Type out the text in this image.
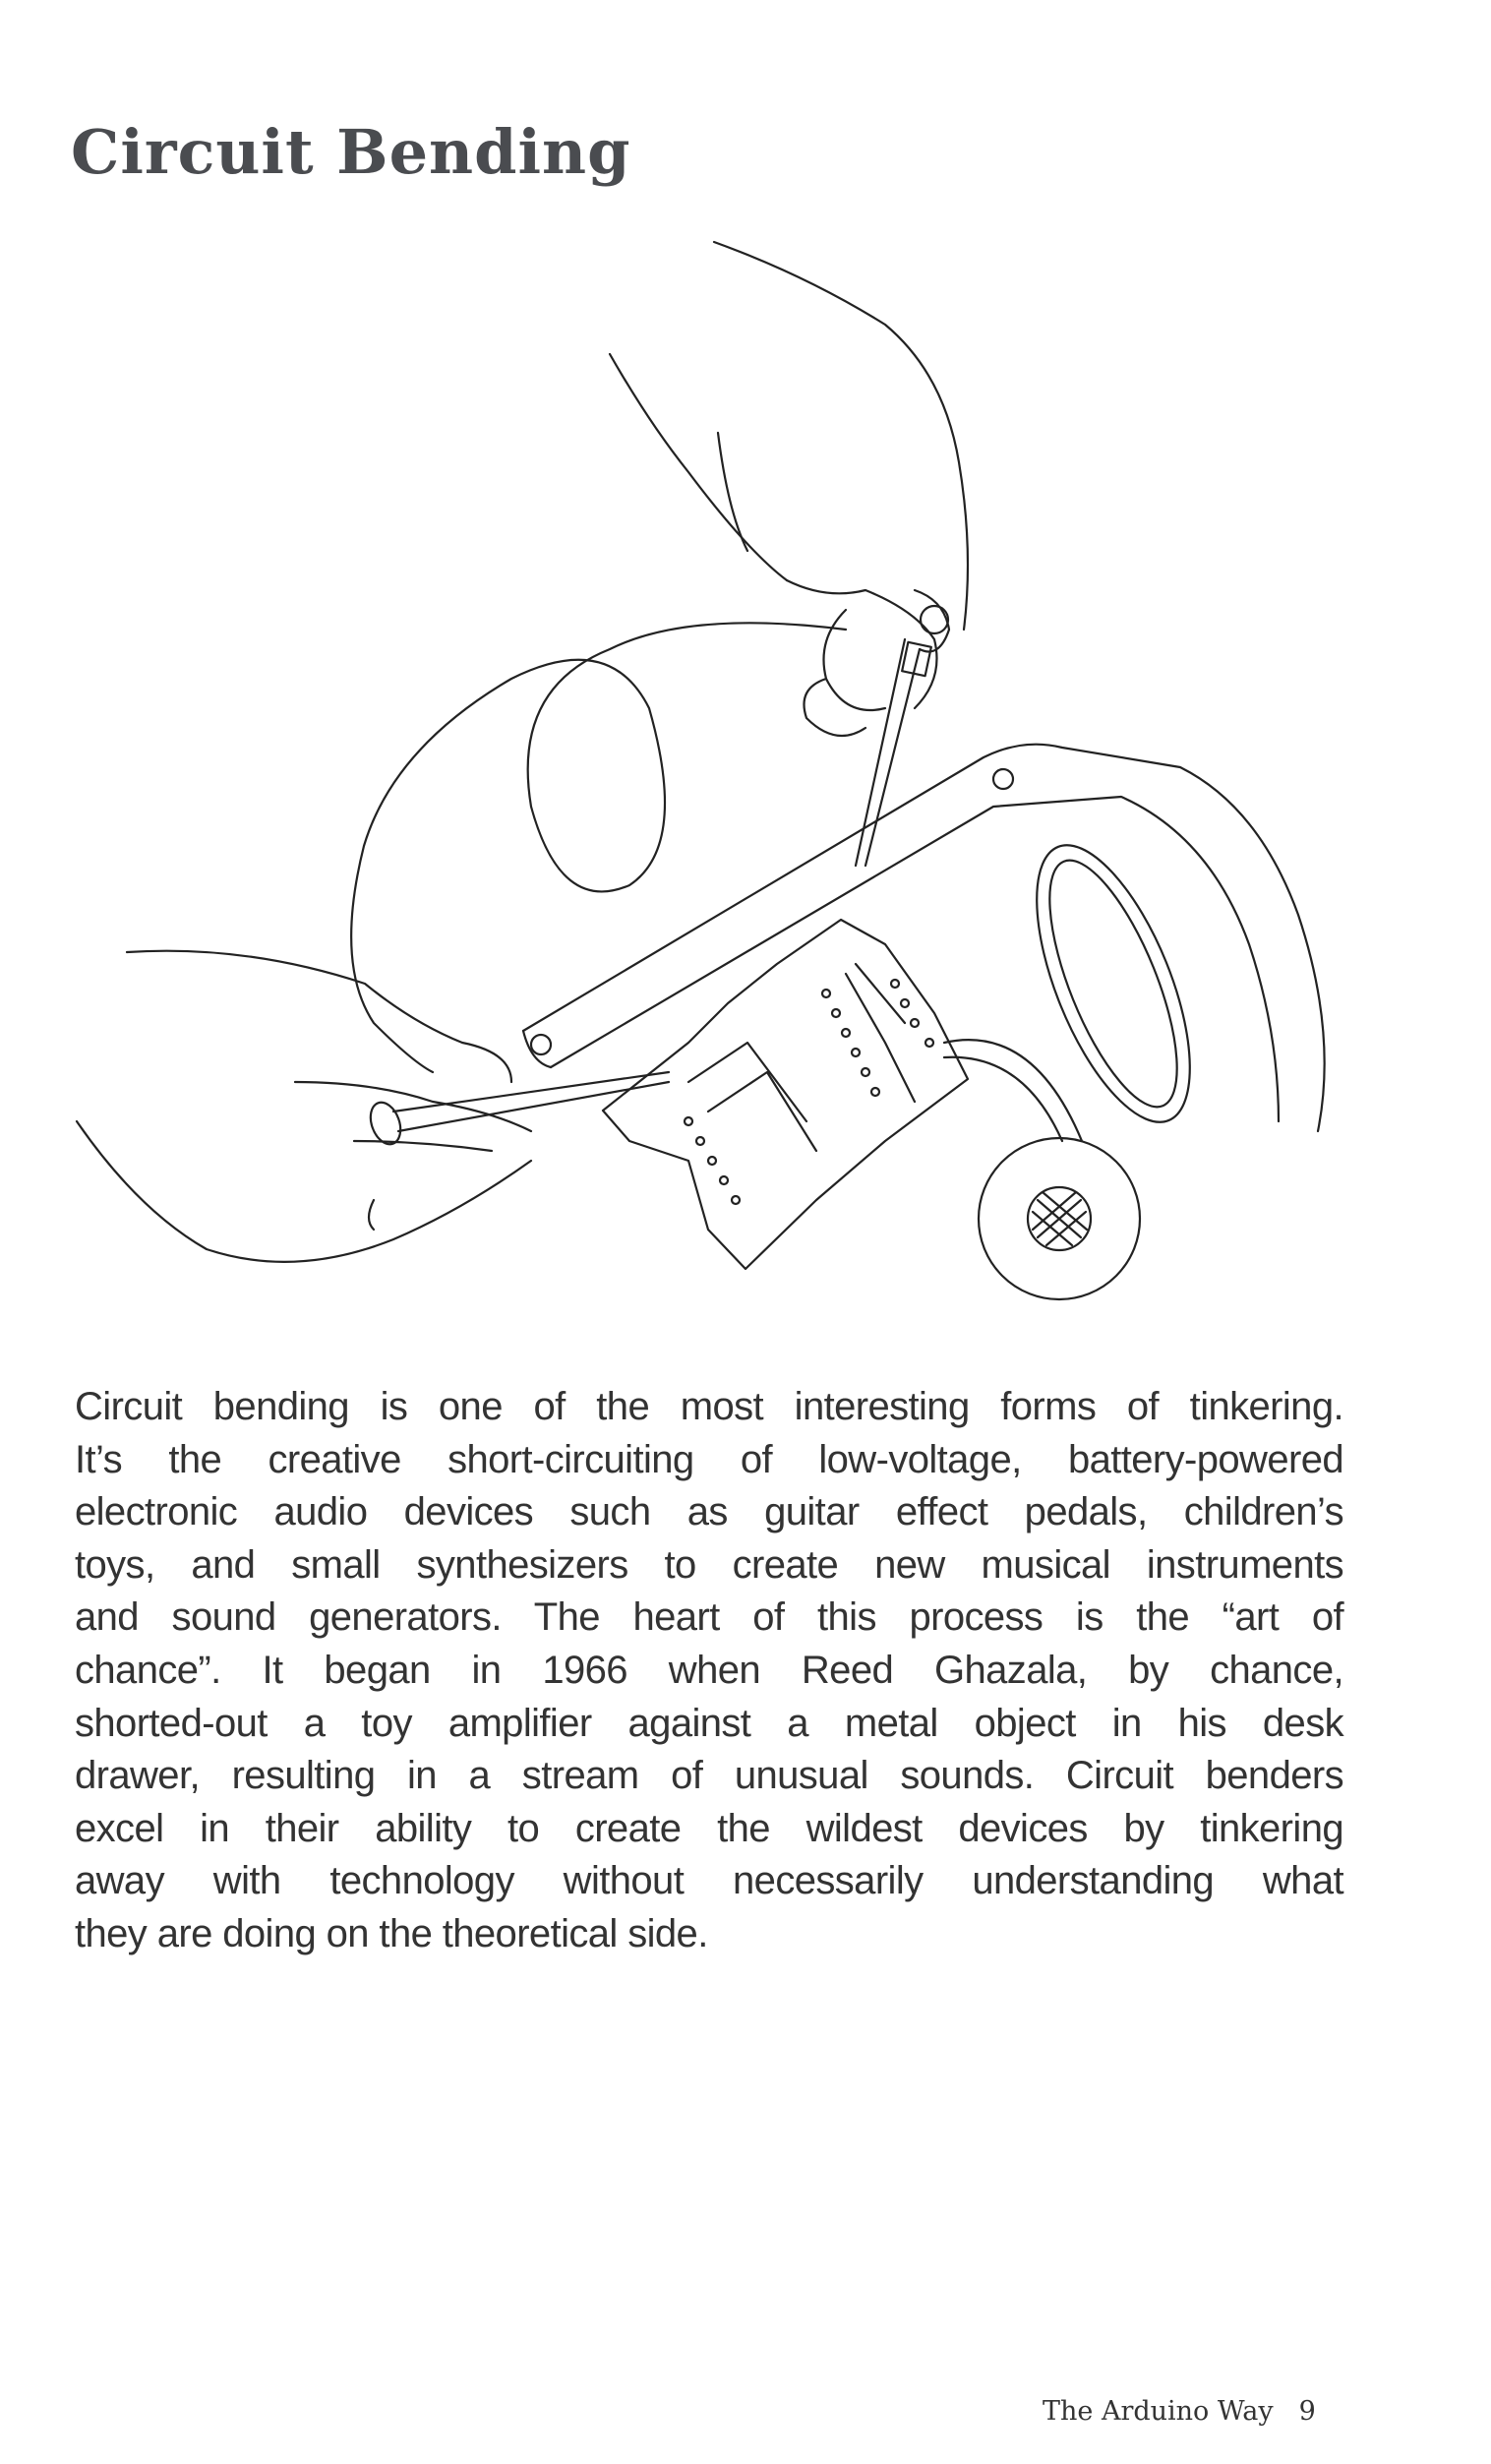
Circuit Bending
Circuit bending is one of the most interesting forms of tinkering.
It’s the creative short-circuiting of low-voltage, battery-powered
electronic audio devices such as guitar effect pedals, children’s
toys, and small synthesizers to create new musical instruments
and sound generators. The heart of this process is the “art of
chance”. It began in 1966 when Reed Ghazala, by chance,
shorted-out a toy amplifier against a metal object in his desk
drawer, resulting in a stream of unusual sounds. Circuit benders
excel in their ability to create the wildest devices by tinkering
away with technology without necessarily understanding what
they are doing on the theoretical side.
The Arduino Way 9
